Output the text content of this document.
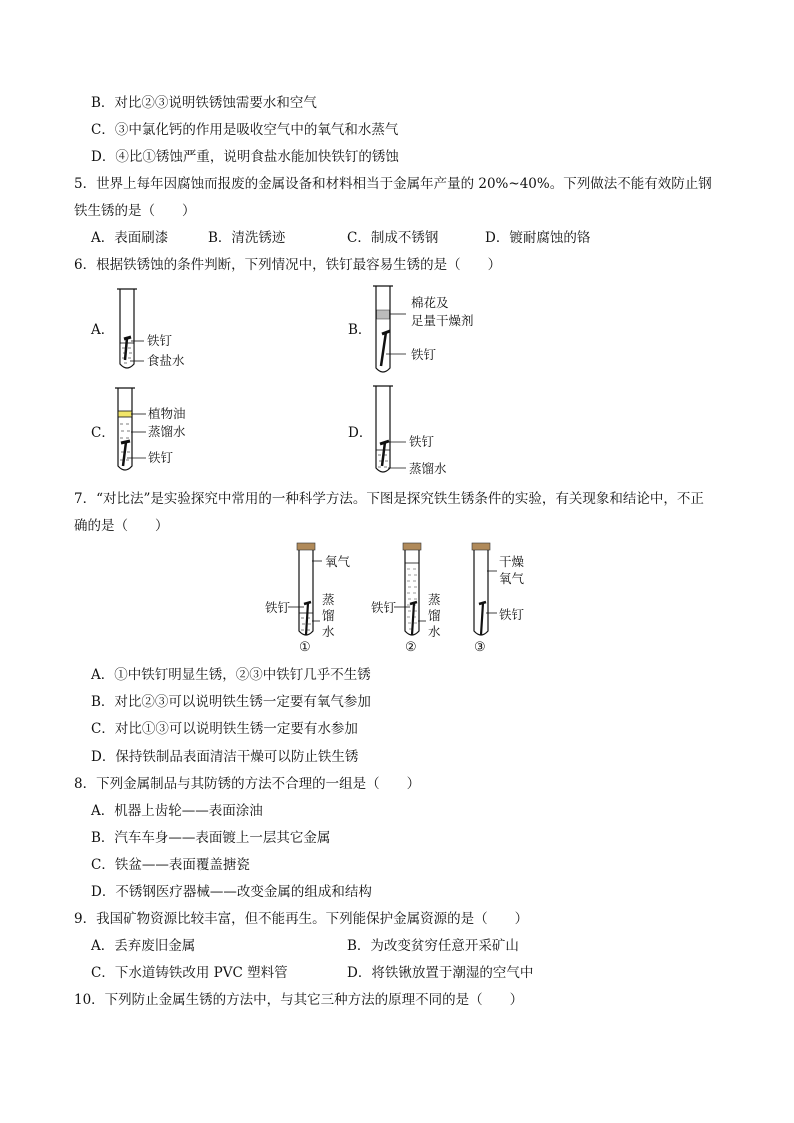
B．对比②③说明铁锈蚀需要水和空气
C．③中氯化钙的作用是吸收空气中的氧气和水蒸气
D．④比①锈蚀严重，说明食盐水能加快铁钉的锈蚀
5．世界上每年因腐蚀而报废的金属设备和材料相当于金属年产量的 20%~40%。下列做法不能有效防止钢
铁生锈的是（　　）
A．表面刷漆	B．清洗锈迹	C．制成不锈钢	D．镀耐腐蚀的铬
6．根据铁锈蚀的条件判断，下列情况中，铁钉最容易生锈的是（　　）
A．
铁钉
食盐水
B．
棉花及
足量干燥剂
铁钉
C．
植物油
蒸馏水
铁钉
D．
铁钉
蒸馏水
7．“对比法”是实验探究中常用的一种科学方法。下图是探究铁生锈条件的实验，有关现象和结论中，不正
确的是（　　）
氧气
铁钉
蒸
馏
水
①
铁钉
蒸
馏
水
②
干燥
氧气
铁钉
③
A．①中铁钉明显生锈，②③中铁钉几乎不生锈
B．对比②③可以说明铁生锈一定要有氧气参加
C．对比①③可以说明铁生锈一定要有水参加
D．保持铁制品表面清洁干燥可以防止铁生锈
8．下列金属制品与其防锈的方法不合理的一组是（　　）
A．机器上齿轮——表面涂油
B．汽车车身——表面镀上一层其它金属
C．铁盆——表面覆盖搪瓷
D．不锈钢医疗器械——改变金属的组成和结构
9．我国矿物资源比较丰富，但不能再生。下列能保护金属资源的是（　　）
A．丢弃废旧金属	B．为改变贫穷任意开采矿山
C．下水道铸铁改用 PVC 塑料管	D．将铁锹放置于潮湿的空气中
10．下列防止金属生锈的方法中，与其它三种方法的原理不同的是（　　）
